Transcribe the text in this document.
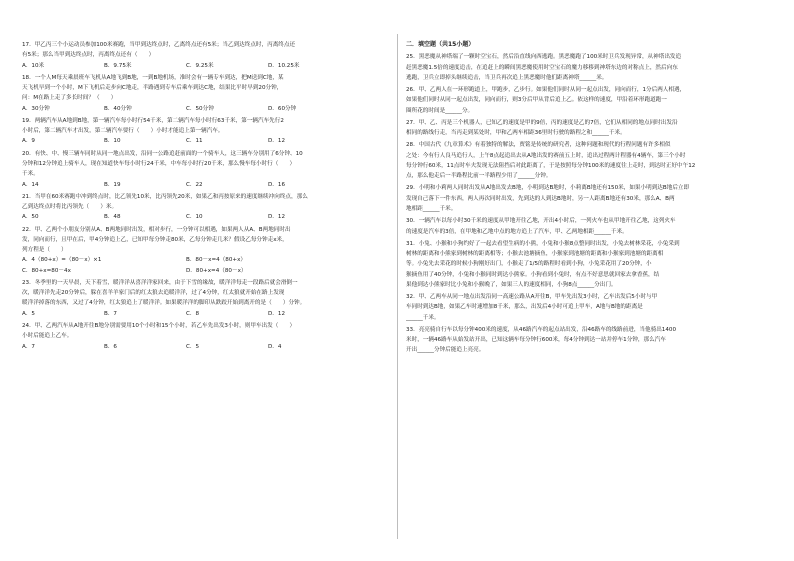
17．甲乙丙三个小运动员参加100米赛跑，当甲到达终点时，乙离终点还有5米；当乙到达终点时，丙离终点还
有5米；那么当甲到达终点时，丙离终点还有（　　）
A．10米	B．9.75米	C．9.25米	D．10.25米
18．一个人M每天乘晨班车飞机从A地飞到B地，一到B地机场，准时会有一辆专车到达，把M送到C地，某
天飞机早到一个小时，M下飞机后走步向C地走，半路遇到专车后乘车到达C地，结果比平时早到20分钟，
问：M在路上走了多长时间？（　　）
A．30分钟	B．40分钟	C．50分钟	D．60分钟
19．两辆汽车从A地到B地，第一辆汽车每小时行54千米，第二辆汽车每小时行63千米，第一辆汽车先行2
小时后，第二辆汽车才出发，第二辆汽车要行（　　）小时才能追上第一辆汽车。
A．9	B．10	C．11	D．12
20．有快、中、慢三辆车同时从同一地点出发，沿同一公路追赶前面的一个骑车人，这三辆车分别用了6分钟、10
分钟和12分钟追上骑车人，现在知道快车每小时行24千米，中车每小时行20千米，那么慢车每小时行（　　）
千米。
A．14	B．19	C．22	D．16
21．当甲在60米赛跑中冲到终点时，比乙领先10米，比丙领先20米，如果乙和丙按原来的速度继续冲向终点，那么
乙到达终点时将比丙领先（　　）米。
A．50	B．48	C．10	D．12
22．甲、乙两个小朋友分别从A、B两地同时出发，相对步行，一分钟可以相遇，如果两人从A、B两地同时出
发，同向而行，且甲在后，甲4分钟追上乙，已知甲每分钟走80米，乙每分钟走几米？假设乙每分钟走x米，
列方程是（　　）
A．4（80+x）=（80－x）×1	B．80－x=4（80+x）
C．80+x=80－4x	D．80+x=4（80－x）
23．冬季里的一天早晨，天下着雪，暖洋洋从喜洋洋家回来，由于下雪的缘故，暖洋洋每走一段路后就会滑倒一
次，暖洋洋先走20分钟后，躲在喜羊羊家门后的红太狼去追暖洋洋，过了4分钟，红太狼就开始在路上发现
暖洋洋掉落的东西，又过了4分钟，红太狼追上了暖洋洋。如果暖洋洋的脚印从跌跤开始到离开的是（　　）分钟。
A．5	B．7	C．8	D．12
24．甲、乙两汽车从A地开往B地分别需要用10个小时和15个小时，若乙车先出发3小时，则甲车出发（　　）
小时后能追上乙车。
A．7	B．6	C．5	D．4
二．填空题（共15小题）
25．黑恶魔从神塔端了一颗时空宝石，然后沿直线向西逃跑。黑恶魔跑了100米时卫兵发现异常，从神塔出发追
赶黑恶魔1.5倍的速度追击，在追赶上的瞬间黑恶魔使用时空宝石的魔力移移到神塔东边的对称点上，然后向东
逃跑，卫兵立即掉头继续追击，当卫兵再次追上黑恶魔时他们距离神塔______米。
26．甲、乙两人在一环形跑道上，甲跑步，乙步行。如果他们同时从同一起点出发，同向而行，1分后两人相遇，
如果他们同时从同一起点出发，同向而行，则3分后甲从背后追上乙。依这样的速度，甲沿着环形跑道跑一
圈所花的时间是______分。
27．甲、乙、丙是三个机器人，已知乙的速度是甲的9倍，丙的速度是乙的7倍，它们从相同的地点同时出发沿
相同的路线行走，当丙走到某处时，甲和乙两车相距36里时行驶的路程之和______千米。
28．中国古代《九章算术》有着独特的解法，贾铭是传统的研究者，这种问题和现代的行程问题有许多相似
之处：今有行人良马追行人，上午8点起追出去从A地出发的赛前五上时，追出过程两计程器有4辆车，第三个小时
每分钟行60米，11点时车夫发现无法阻挡后对此距离了，于是按照每分钟100米的速度往上走时，到达时正好中午12
点，那么他走后一半路程比前一半路程少用了______分钟。
29．小明和小莉两人同时出发从A地出发去B地，小明到达B地时，小莉离B地还有150米，如果小明到达B地后立即
发现自己落下一件东西，两人再次同时出发，先到达的人到达B地时，另一人距离B地还有30米，那么A、B两
地相距______千米。
30．一辆汽车以每小时30千米的速度从甲地开往乙地，开出4小时后，一列火车也从甲地开往乙地，这列火车
的速度是汽车的3倍，在甲地和乙地中点的地方追上了汽车，甲、乙两地相距______千米。
31．小兔、小猴和小狗约好了一起去看望生病的小熊，小兔和小猴8点整同时出发，小兔去树林采花，小兔采到
树林的距离和小熊家到树林的距离相等；小猴去池塘摘鱼，小猴家到池塘的距离和小猴家到池塘的距离相
等。小兔先去采花的时候小狗刚好出门，小猴走了1/5的路程时看到小狗，小兔采花用了20分钟，小
猴摘鱼用了40分钟，小兔和小猴同时到达小熊家。小狗看到小兔时，有点不好意思就回家去拿香蕉，结
果他到达小熊家时比小兔和小猴晚了，如果三人的速度相同，小狗8点______分出门。
32．甲、乙两车从同一地点出发沿同一高速公路从A开往B，甲车先出发3小时，乙车出发后5小时与甲
车同时到达B地，如果乙车时速增加8千米，那么，出发后4小时可追上甲车，A地与B地的距离是
______千米。
33．亮亮骑自行车以每分钟400米的速度，从46路汽车的起点站出发，沿46路车的线路前进，当他骑出1400
米时，一辆46路车从始发站开出，已知这辆车每分钟行600米，每4分钟到达一站并停车1分钟，那么汽车
开出______分钟后能追上亮亮。
